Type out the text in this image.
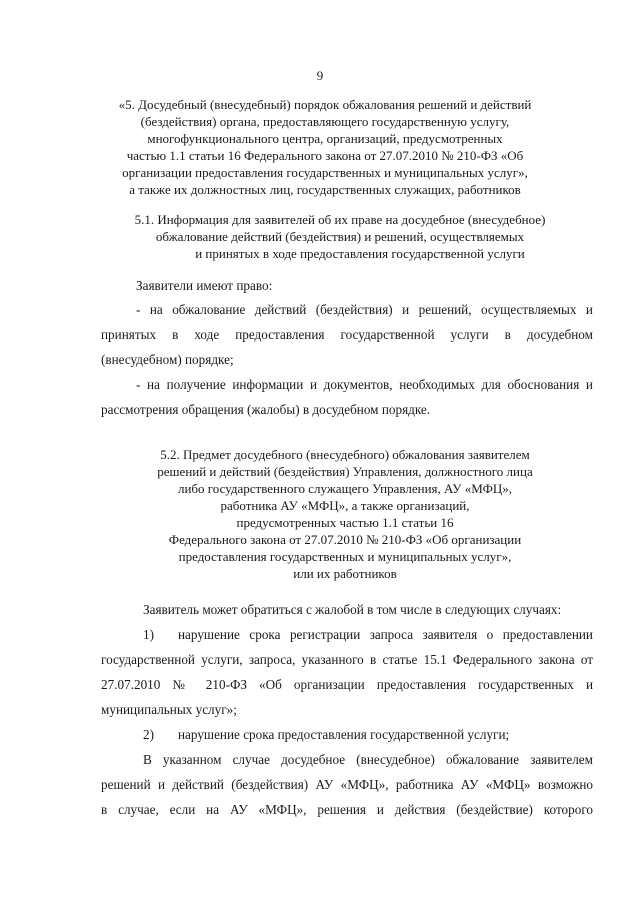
9
«5. Досудебный (внесудебный) порядок обжалования решений и действий
(бездействия) органа, предоставляющего государственную услугу,
многофункционального центра, организаций, предусмотренных
частью 1.1 статьи 16 Федерального закона от 27.07.2010 № 210-ФЗ «Об
организации предоставления государственных и муниципальных услуг»,
а также их должностных лиц, государственных служащих, работников
5.1. Информация для заявителей об их праве на досудебное (внесудебное)
обжалование действий (бездействия) и решений, осуществляемых
и принятых в ходе предоставления государственной услуги
Заявители имеют право:
- на обжалование действий (бездействия) и решений, осуществляемых и
принятых в ходе предоставления государственной услуги в досудебном
(внесудебном) порядке;
- на получение информации и документов, необходимых для обоснования и
рассмотрения обращения (жалобы) в досудебном порядке.
5.2. Предмет досудебного (внесудебного) обжалования заявителем
решений и действий (бездействия) Управления, должностного лица
либо государственного служащего Управления, АУ «МФЦ»,
работника АУ «МФЦ», а также организаций,
предусмотренных частью 1.1 статьи 16
Федерального закона от 27.07.2010 № 210-ФЗ «Об организации
предоставления государственных и муниципальных услуг»,
или их работников
Заявитель может обратиться с жалобой в том числе в следующих случаях:
1) нарушение срока регистрации запроса заявителя о предоставлении
государственной услуги, запроса, указанного в статье 15.1 Федерального закона от
27.07.2010 № 210-ФЗ «Об организации предоставления государственных и
муниципальных услуг»;
2) нарушение срока предоставления государственной услуги;
В указанном случае досудебное (внесудебное) обжалование заявителем
решений и действий (бездействия) АУ «МФЦ», работника АУ «МФЦ» возможно
в случае, если на АУ «МФЦ», решения и действия (бездействие) которого
